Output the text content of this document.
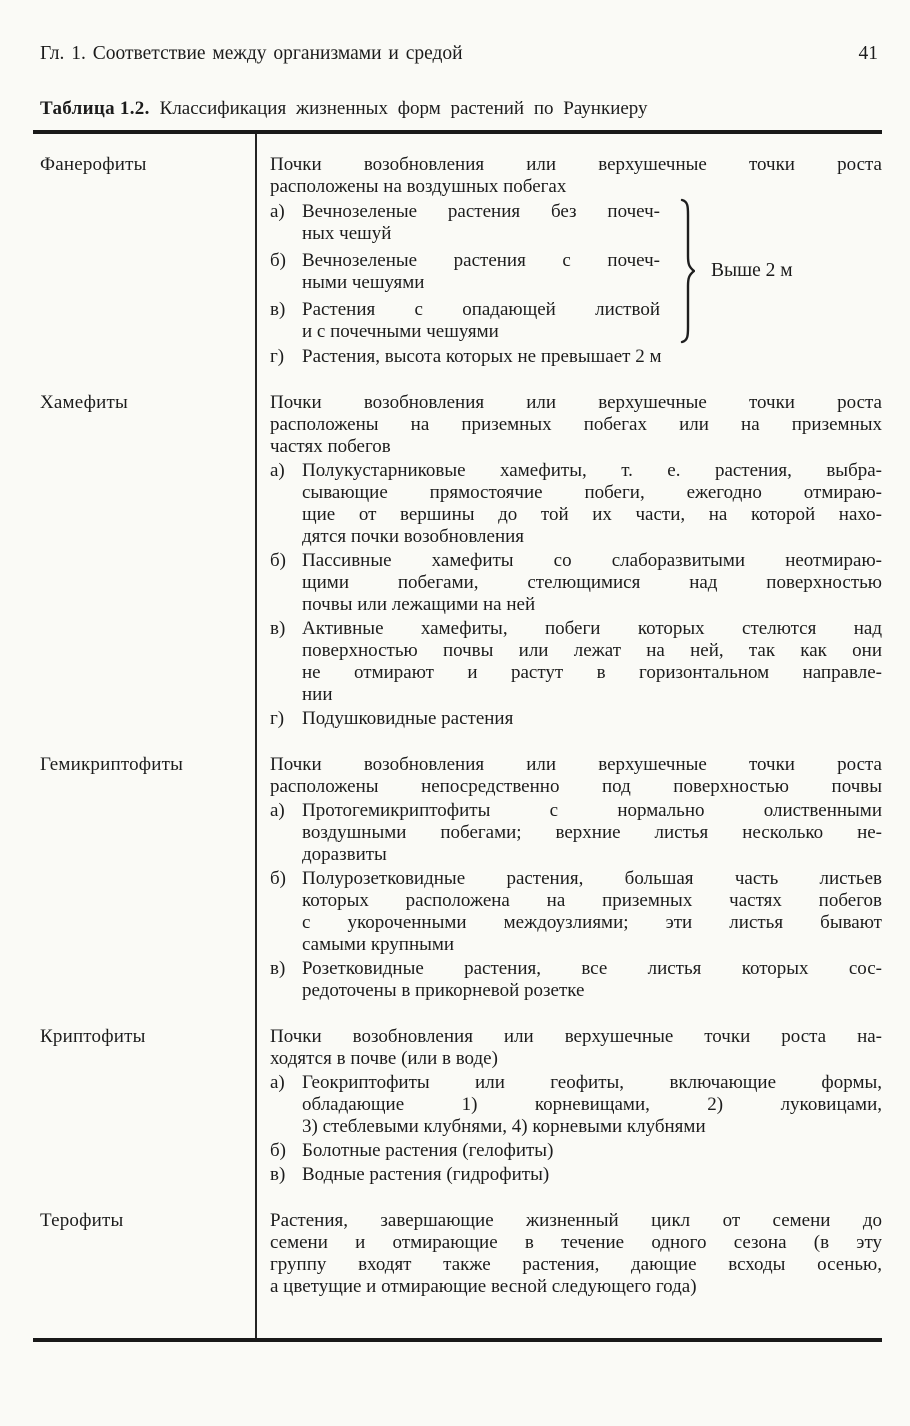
Гл. 1. Соответствие между организмами и средой	41
Таблица 1.2. Классификация жизненных форм растений по Раункиеру
Фанерофиты	Почки возобновления или верхушечные точки роста
расположены на воздушных побегах
а) Вечнозеленые растения без почеч-
ных чешуй
б) Вечнозеленые растения с почеч-
ными чешуями
в) Растения с опадающей листвой
и с почечными чешуями
Выше 2 м
г) Растения, высота которых не превышает 2 м
Хамефиты	Почки возобновления или верхушечные точки роста
расположены на приземных побегах или на приземных
частях побегов
а) Полукустарниковые хамефиты, т. е. растения, выбра-
сывающие прямостоячие побеги, ежегодно отмираю-
щие от вершины до той их части, на которой нахо-
дятся почки возобновления
б) Пассивные хамефиты со слаборазвитыми неотмираю-
щими побегами, стелющимися над поверхностью
почвы или лежащими на ней
в) Активные хамефиты, побеги которых стелются над
поверхностью почвы или лежат на ней, так как они
не отмирают и растут в горизонтальном направле-
нии
г) Подушковидные растения
Гемикриптофиты	Почки возобновления или верхушечные точки роста
расположены непосредственно под поверхностью почвы
а) Протогемикриптофиты с нормально олиственными
воздушными побегами; верхние листья несколько не-
доразвиты
б) Полурозетковидные растения, большая часть листьев
которых расположена на приземных частях побегов
с укороченными междоузлиями; эти листья бывают
самыми крупными
в) Розетковидные растения, все листья которых сос-
редоточены в прикорневой розетке
Криптофиты	Почки возобновления или верхушечные точки роста на-
ходятся в почве (или в воде)
а) Геокриптофиты или геофиты, включающие формы,
обладающие 1) корневищами, 2) луковицами,
3) стеблевыми клубнями, 4) корневыми клубнями
б) Болотные растения (гелофиты)
в) Водные растения (гидрофиты)
Терофиты	Растения, завершающие жизненный цикл от семени до
семени и отмирающие в течение одного сезона (в эту
группу входят также растения, дающие всходы осенью,
а цветущие и отмирающие весной следующего года)
